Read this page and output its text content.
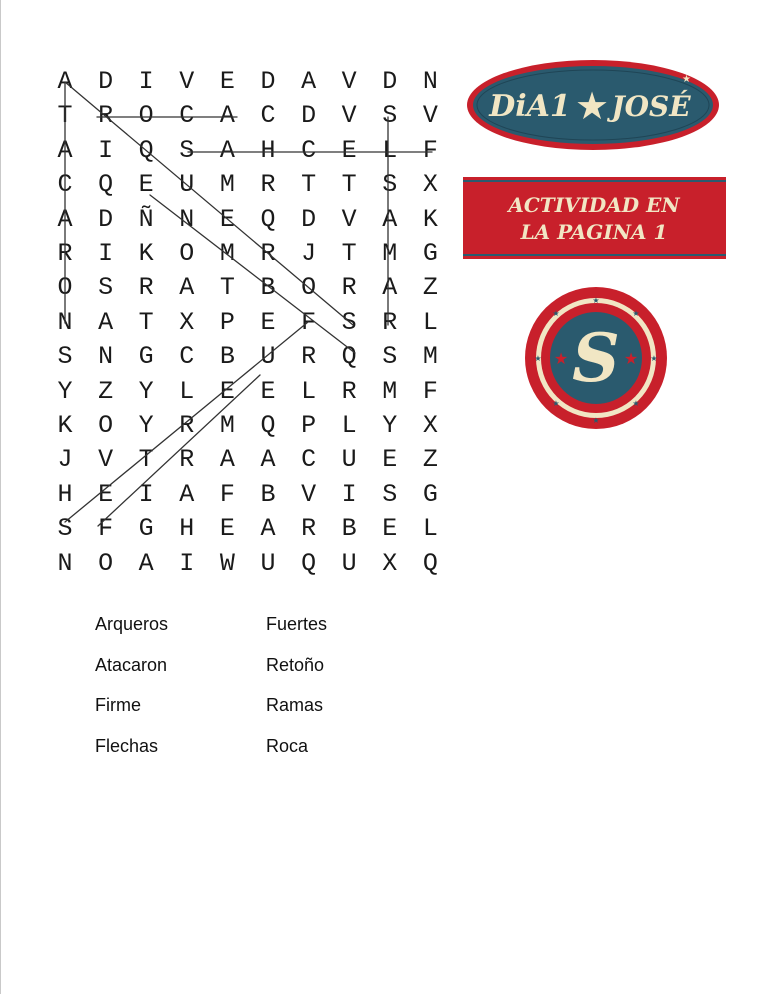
A	D	I	V	E	D	A	V	D	N
T	R	O	C	A	C	D	V	S	V
A	I	Q	S	A	H	C	E	L	F
C	Q	E	U	M	R	T	T	S	X
A	D	Ñ	N	E	Q	D	V	A	K
R	I	K	O	M	R	J	T	M	G
O	S	R	A	T	B	O	R	A	Z
N	A	T	X	P	E	F	S	R	L
S	N	G	C	B	U	R	Q	S	M
Y	Z	Y	L	E	E	L	R	M	F
K	O	Y	R	M	Q	P	L	Y	X
J	V	T	R	A	A	C	U	E	Z
H	E	I	A	F	B	V	I	S	G
S	F	G	H	E	A	R	B	E	L
N	O	A	I	W	U	Q	U	X	Q
Arqueros
Atacaron
Firme
Flechas
Fuertes
Retoño
Ramas
Roca
★
DiA1 ★ JOSÉ
ACTIVIDAD EN
LA PAGINA 1
★
★
★
★
★
★
★
★
S
★	★
